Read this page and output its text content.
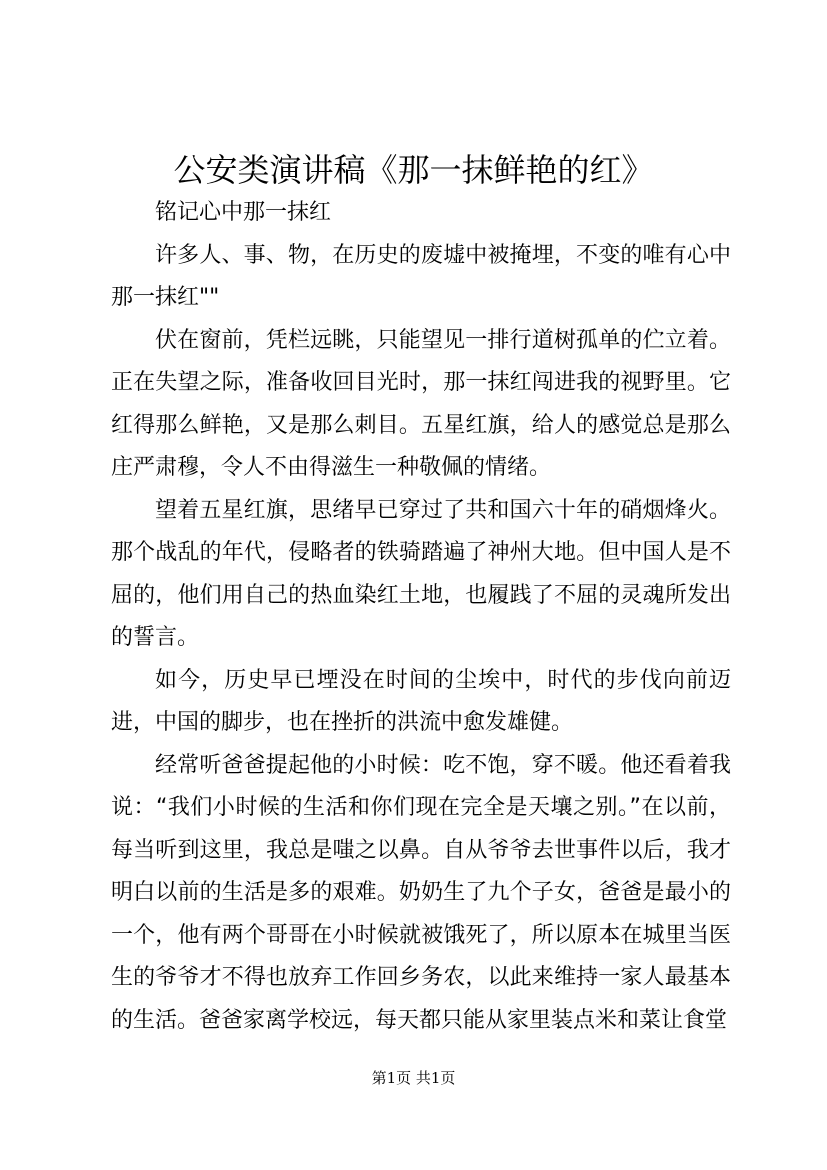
公安类演讲稿《那一抹鲜艳的红》

铭记心中那一抹红

许多人、事、物，在历史的废墟中被掩埋，不变的唯有心中那一抹红""

伏在窗前，凭栏远眺，只能望见一排行道树孤单的伫立着。正在失望之际，准备收回目光时，那一抹红闯进我的视野里。它红得那么鲜艳，又是那么刺目。五星红旗，给人的感觉总是那么庄严肃穆，令人不由得滋生一种敬佩的情绪。

望着五星红旗，思绪早已穿过了共和国六十年的硝烟烽火。那个战乱的年代，侵略者的铁骑踏遍了神州大地。但中国人是不屈的，他们用自己的热血染红土地，也履践了不屈的灵魂所发出的誓言。

如今，历史早已堙没在时间的尘埃中，时代的步伐向前迈进，中国的脚步，也在挫折的洪流中愈发雄健。

经常听爸爸提起他的小时候：吃不饱，穿不暖。他还看着我说：“我们小时候的生活和你们现在完全是天壤之别。”在以前，每当听到这里，我总是嗤之以鼻。自从爷爷去世事件以后，我才明白以前的生活是多的艰难。奶奶生了九个子女，爸爸是最小的一个，他有两个哥哥在小时候就被饿死了，所以原本在城里当医生的爷爷才不得也放弃工作回乡务农，以此来维持一家人最基本的生活。爸爸家离学校远，每天都只能从家里装点米和菜让食堂

第1页 共1页
